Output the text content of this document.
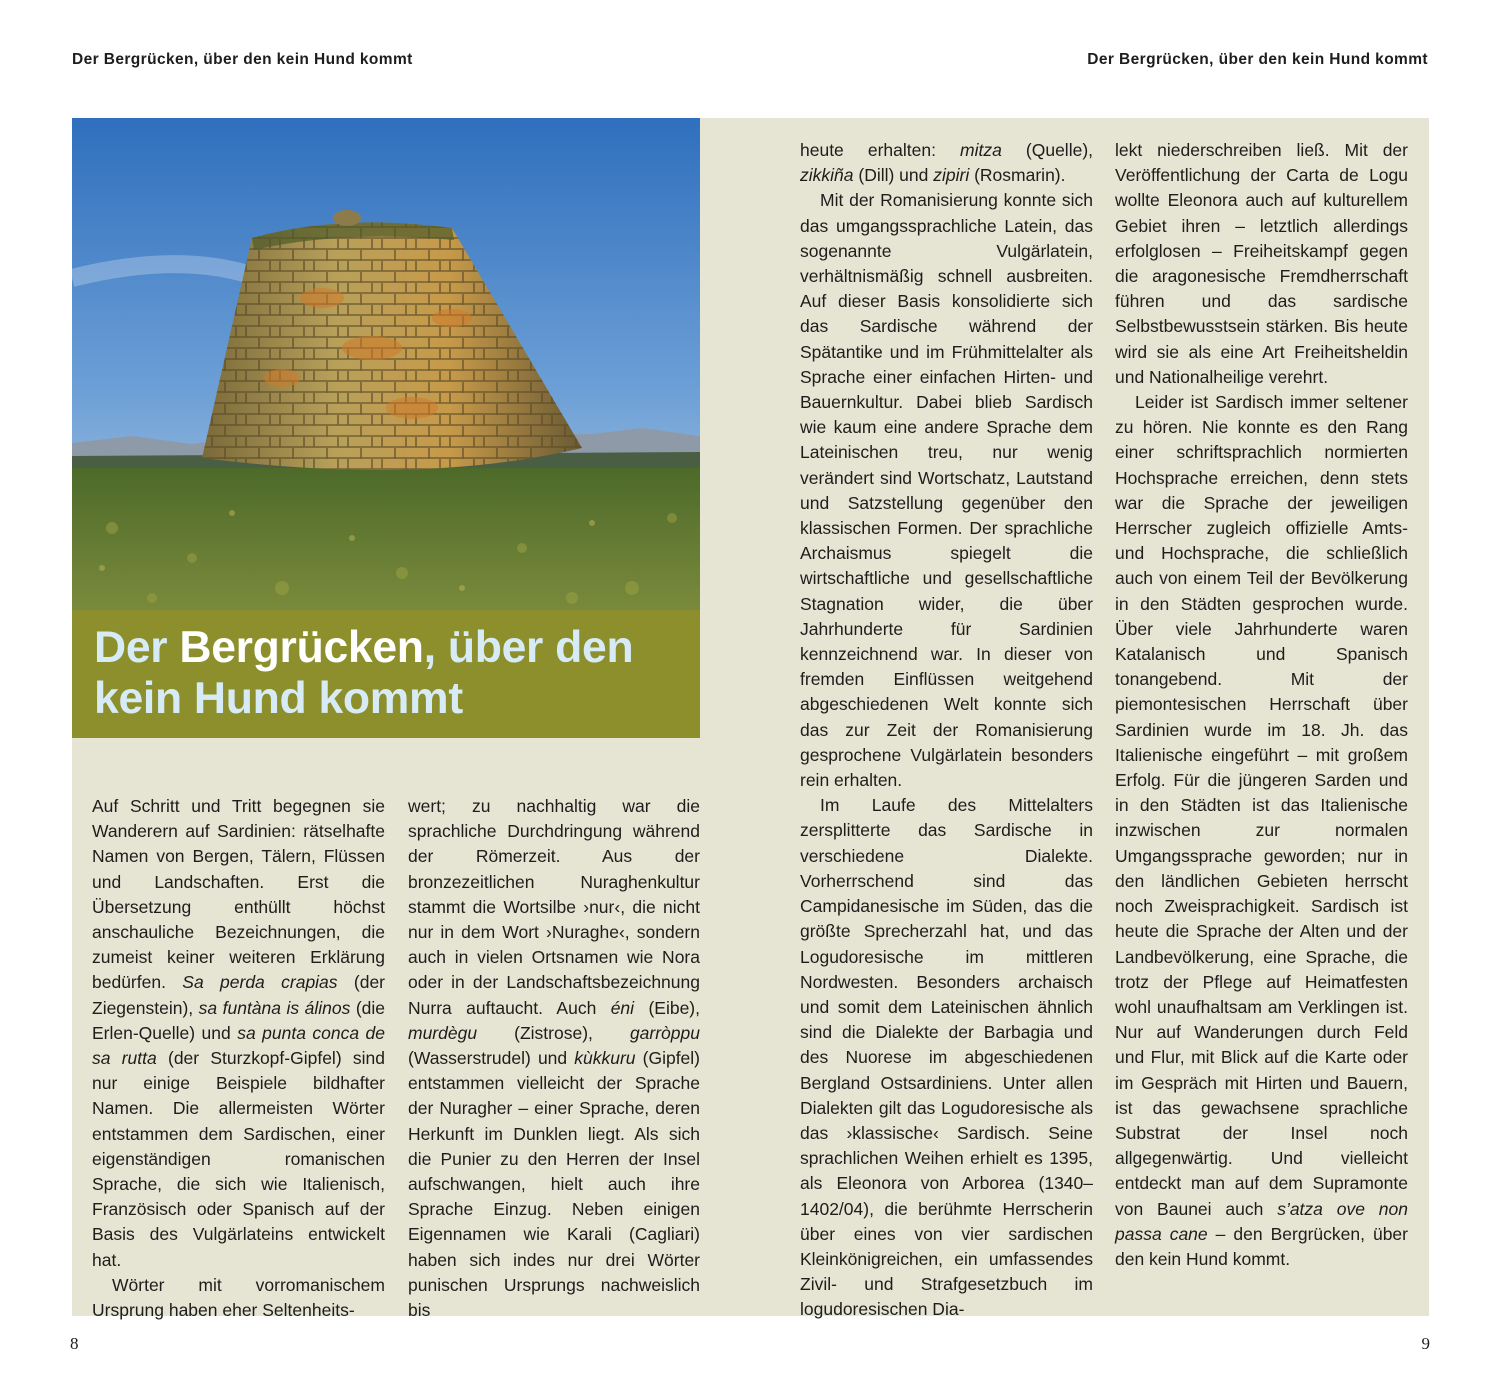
Der Bergrücken, über den kein Hund kommt	Der Bergrücken, über den kein Hund kommt
Der Bergrücken, über den
kein Hund kommt

Auf Schritt und Tritt begegnen sie Wanderern auf Sardinien: rätselhafte Namen von Bergen, Tälern, Flüssen und Landschaften. Erst die Übersetzung enthüllt höchst anschauliche Bezeichnungen, die zumeist keiner weiteren Erklärung bedürfen. Sa perda crapias (der Ziegenstein), sa funtàna is álinos (die Erlen-Quelle) und sa punta conca de sa rutta (der Sturzkopf-Gipfel) sind nur einige Beispiele bildhafter Namen. Die allermeisten Wörter entstammen dem Sardischen, einer eigenständigen romanischen Sprache, die sich wie Italienisch, Französisch oder Spanisch auf der Basis des Vulgärlateins entwickelt hat.

Wörter mit vorromanischem Ursprung haben eher Seltenheits-

wert; zu nachhaltig war die sprachliche Durchdringung während der Römerzeit. Aus der bronzezeitlichen Nuraghenkultur stammt die Wortsilbe ›nur‹, die nicht nur in dem Wort ›Nuraghe‹, sondern auch in vielen Ortsnamen wie Nora oder in der Landschaftsbezeichnung Nurra auftaucht. Auch éni (Eibe), murdègu (Zistrose), garròppu (Wasserstrudel) und kùkkuru (Gipfel) entstammen vielleicht der Sprache der Nuragher – einer Sprache, deren Herkunft im Dunklen liegt. Als sich die Punier zu den Herren der Insel aufschwangen, hielt auch ihre Sprache Einzug. Neben einigen Eigennamen wie Karali (Cagliari) haben sich indes nur drei Wörter punischen Ursprungs nachweislich bis

heute erhalten: mitza (Quelle), zikkiña (Dill) und zipiri (Rosmarin).

Mit der Romanisierung konnte sich das umgangssprachliche Latein, das sogenannte Vulgärlatein, verhältnismäßig schnell ausbreiten. Auf dieser Basis konsolidierte sich das Sardische während der Spätantike und im Frühmittelalter als Sprache einer einfachen Hirten- und Bauernkultur. Dabei blieb Sardisch wie kaum eine andere Sprache dem Lateinischen treu, nur wenig verändert sind Wortschatz, Lautstand und Satzstellung gegenüber den klassischen Formen. Der sprachliche Archaismus spiegelt die wirtschaftliche und gesellschaftliche Stagnation wider, die über Jahrhunderte für Sardinien kennzeichnend war. In dieser von fremden Einflüssen weitgehend abgeschiedenen Welt konnte sich das zur Zeit der Romanisierung gesprochene Vulgärlatein besonders rein erhalten.

Im Laufe des Mittelalters zersplitterte das Sardische in verschiedene Dialekte. Vorherrschend sind das Campidanesische im Süden, das die größte Sprecherzahl hat, und das Logudoresische im mittleren Nordwesten. Besonders archaisch und somit dem Lateinischen ähnlich sind die Dialekte der Barbagia und des Nuorese im abgeschiedenen Bergland Ostsardiniens. Unter allen Dialekten gilt das Logudoresische als das ›klassische‹ Sardisch. Seine sprachlichen Weihen erhielt es 1395, als Eleonora von Arborea (1340–1402/04), die berühmte Herrscherin über eines von vier sardischen Kleinkönigreichen, ein umfassendes Zivil- und Strafgesetzbuch im logudoresischen Dia-

lekt niederschreiben ließ. Mit der Veröffentlichung der Carta de Logu wollte Eleonora auch auf kulturellem Gebiet ihren – letztlich allerdings erfolglosen – Freiheitskampf gegen die aragonesische Fremdherrschaft führen und das sardische Selbstbewusstsein stärken. Bis heute wird sie als eine Art Freiheitsheldin und Nationalheilige verehrt.

Leider ist Sardisch immer seltener zu hören. Nie konnte es den Rang einer schriftsprachlich normierten Hochsprache erreichen, denn stets war die Sprache der jeweiligen Herrscher zugleich offizielle Amts- und Hochsprache, die schließlich auch von einem Teil der Bevölkerung in den Städten gesprochen wurde. Über viele Jahrhunderte waren Katalanisch und Spanisch tonangebend. Mit der piemontesischen Herrschaft über Sardinien wurde im 18. Jh. das Italienische eingeführt – mit großem Erfolg. Für die jüngeren Sarden und in den Städten ist das Italienische inzwischen zur normalen Umgangssprache geworden; nur in den ländlichen Gebieten herrscht noch Zweisprachigkeit. Sardisch ist heute die Sprache der Alten und der Landbevölkerung, eine Sprache, die trotz der Pflege auf Heimatfesten wohl unaufhaltsam am Verklingen ist. Nur auf Wanderungen durch Feld und Flur, mit Blick auf die Karte oder im Gespräch mit Hirten und Bauern, ist das gewachsene sprachliche Substrat der Insel noch allgegenwärtig. Und vielleicht entdeckt man auf dem Supramonte von Baunei auch s’atza ove non passa cane – den Bergrücken, über den kein Hund kommt.

8	9
